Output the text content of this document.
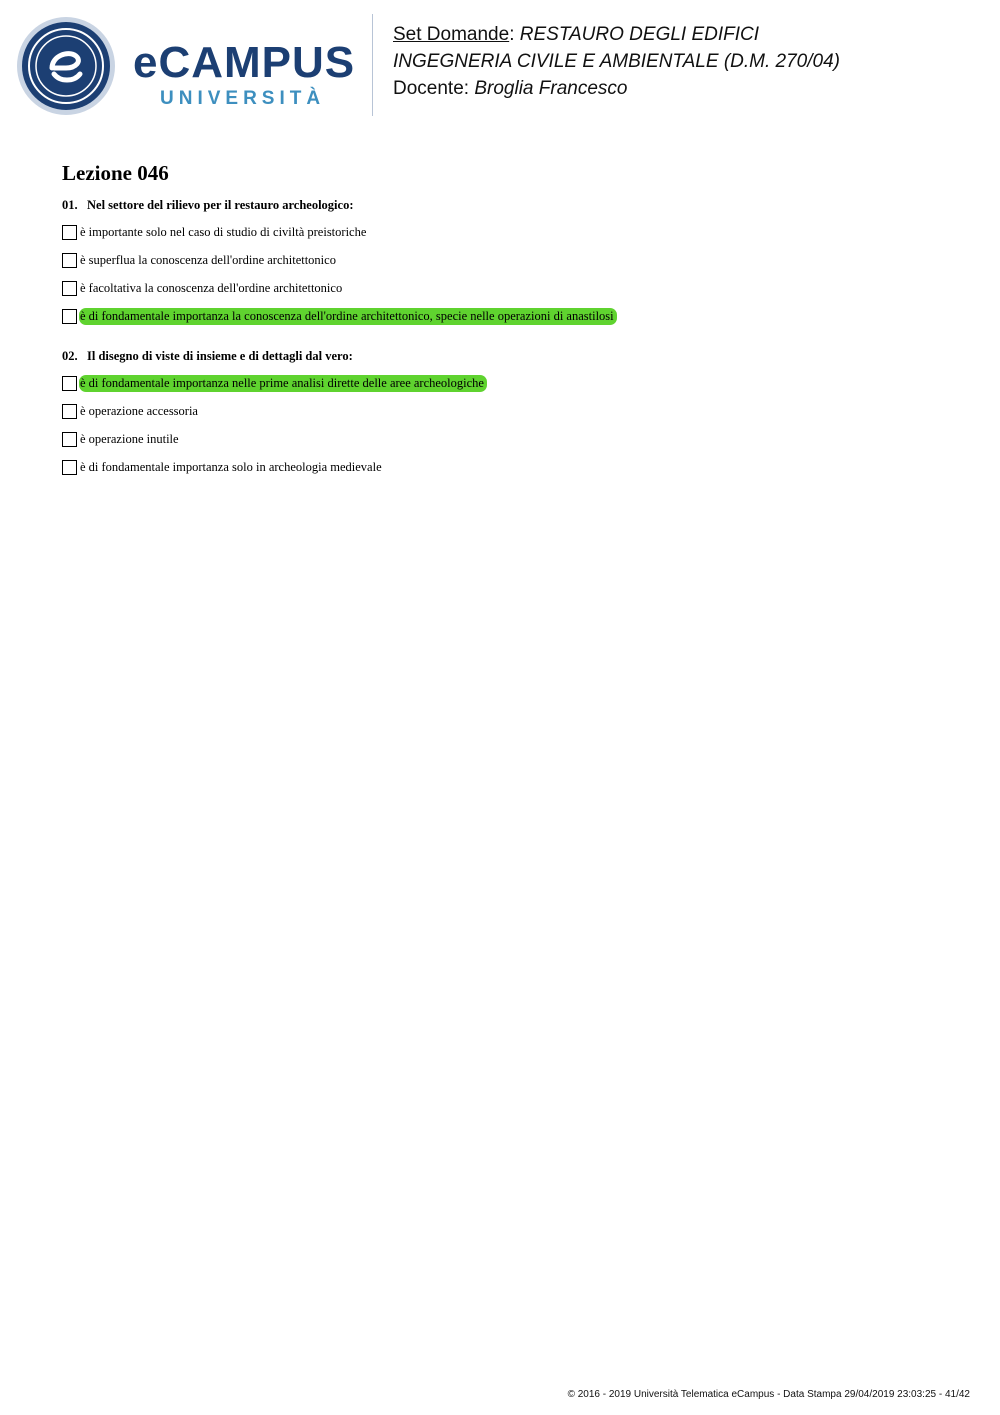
eCAMPUS
UNIVERSITÀ
Set Domande: RESTAURO DEGLI EDIFICI
INGEGNERIA CIVILE E AMBIENTALE (D.M. 270/04)
Docente: Broglia Francesco
Lezione 046
01. Nel settore del rilievo per il restauro archeologico:
è importante solo nel caso di studio di civiltà preistoriche
è superflua la conoscenza dell'ordine architettonico
è facoltativa la conoscenza dell'ordine architettonico
è di fondamentale importanza la conoscenza dell'ordine architettonico, specie nelle operazioni di anastilosi
02. Il disegno di viste di insieme e di dettagli dal vero:
è di fondamentale importanza nelle prime analisi dirette delle aree archeologiche
è operazione accessoria
è operazione inutile
è di fondamentale importanza solo in archeologia medievale
© 2016 - 2019 Università Telematica eCampus - Data Stampa 29/04/2019 23:03:25 - 41/42
